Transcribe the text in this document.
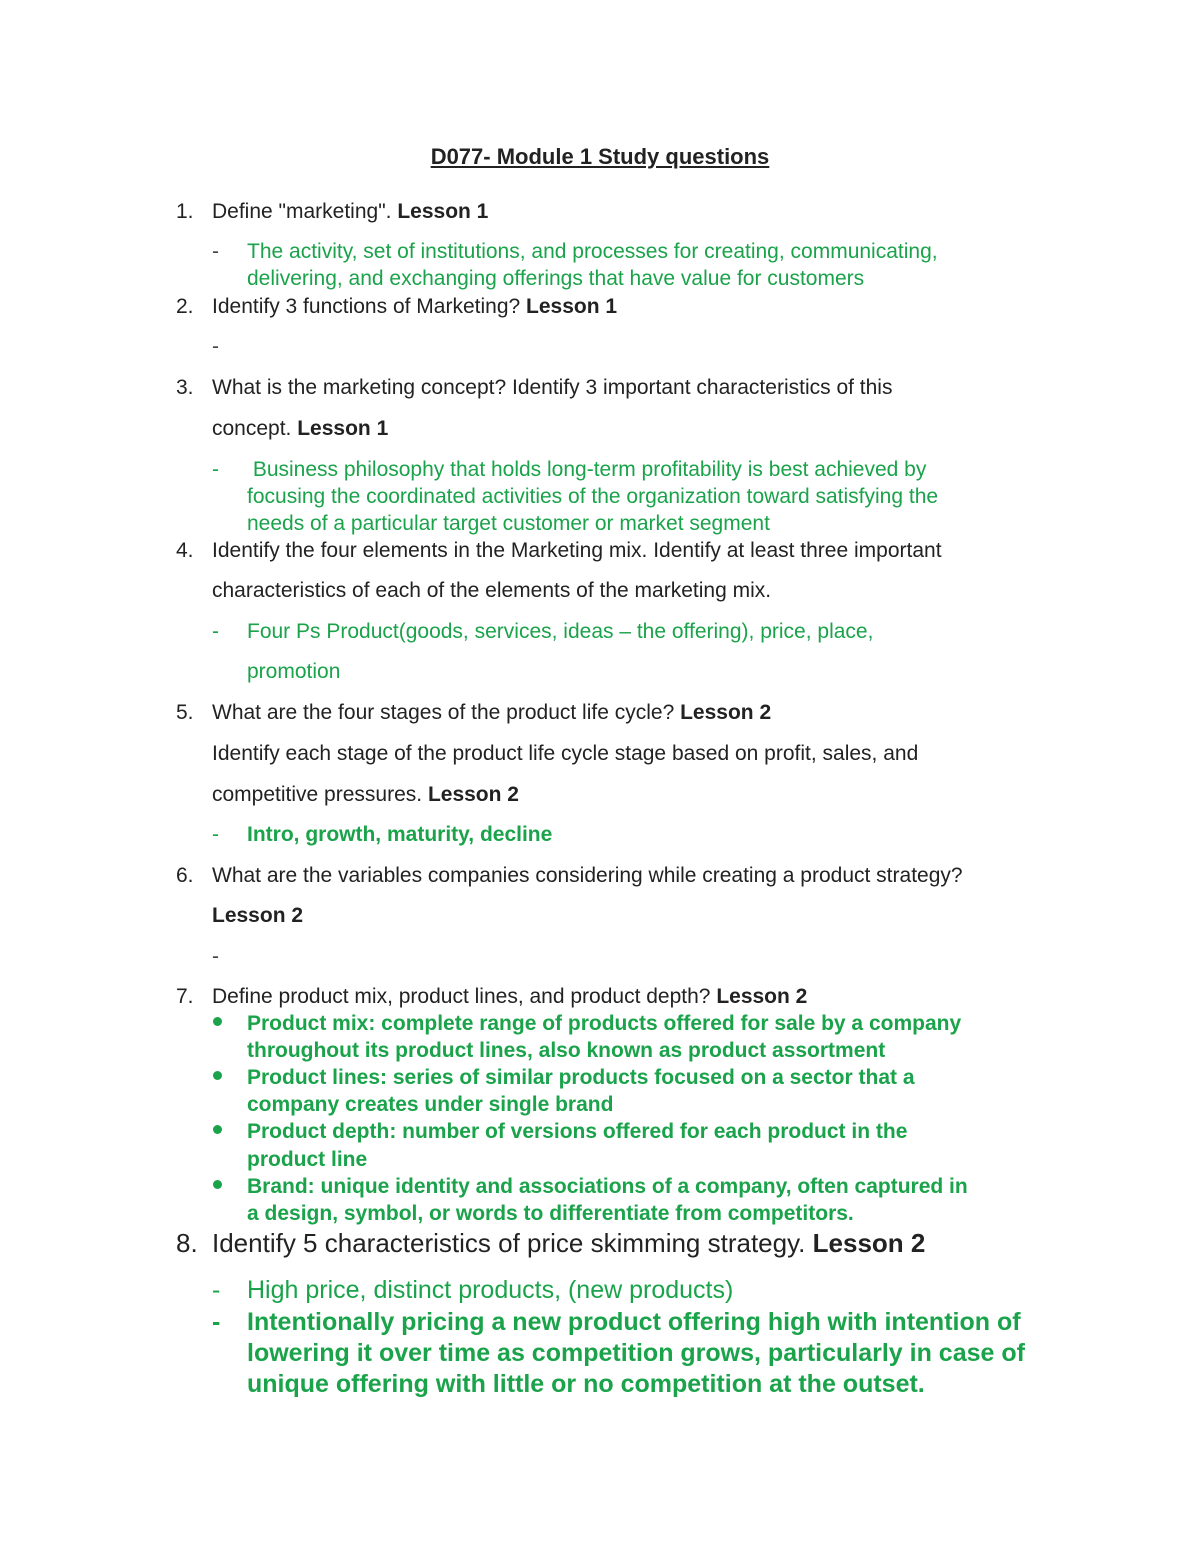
D077- Module 1 Study questions
1. Define "marketing". Lesson 1
- The activity, set of institutions, and processes for creating, communicating,
delivering, and exchanging offerings that have value for customers
2. Identify 3 functions of Marketing? Lesson 1
-
3. What is the marketing concept? Identify 3 important characteristics of this
concept. Lesson 1
- Business philosophy that holds long-term profitability is best achieved by
focusing the coordinated activities of the organization toward satisfying the
needs of a particular target customer or market segment
4. Identify the four elements in the Marketing mix. Identify at least three important
characteristics of each of the elements of the marketing mix.
- Four Ps Product(goods, services, ideas – the offering), price, place,
promotion
5. What are the four stages of the product life cycle? Lesson 2
Identify each stage of the product life cycle stage based on profit, sales, and
competitive pressures. Lesson 2
- Intro, growth, maturity, decline
6. What are the variables companies considering while creating a product strategy?
Lesson 2
-
7. Define product mix, product lines, and product depth? Lesson 2
Product mix: complete range of products offered for sale by a company
throughout its product lines, also known as product assortment
Product lines: series of similar products focused on a sector that a
company creates under single brand
Product depth: number of versions offered for each product in the
product line
Brand: unique identity and associations of a company, often captured in
a design, symbol, or words to differentiate from competitors.
8. Identify 5 characteristics of price skimming strategy. Lesson 2
- High price, distinct products, (new products)
- Intentionally pricing a new product offering high with intention of
lowering it over time as competition grows, particularly in case of
unique offering with little or no competition at the outset.
